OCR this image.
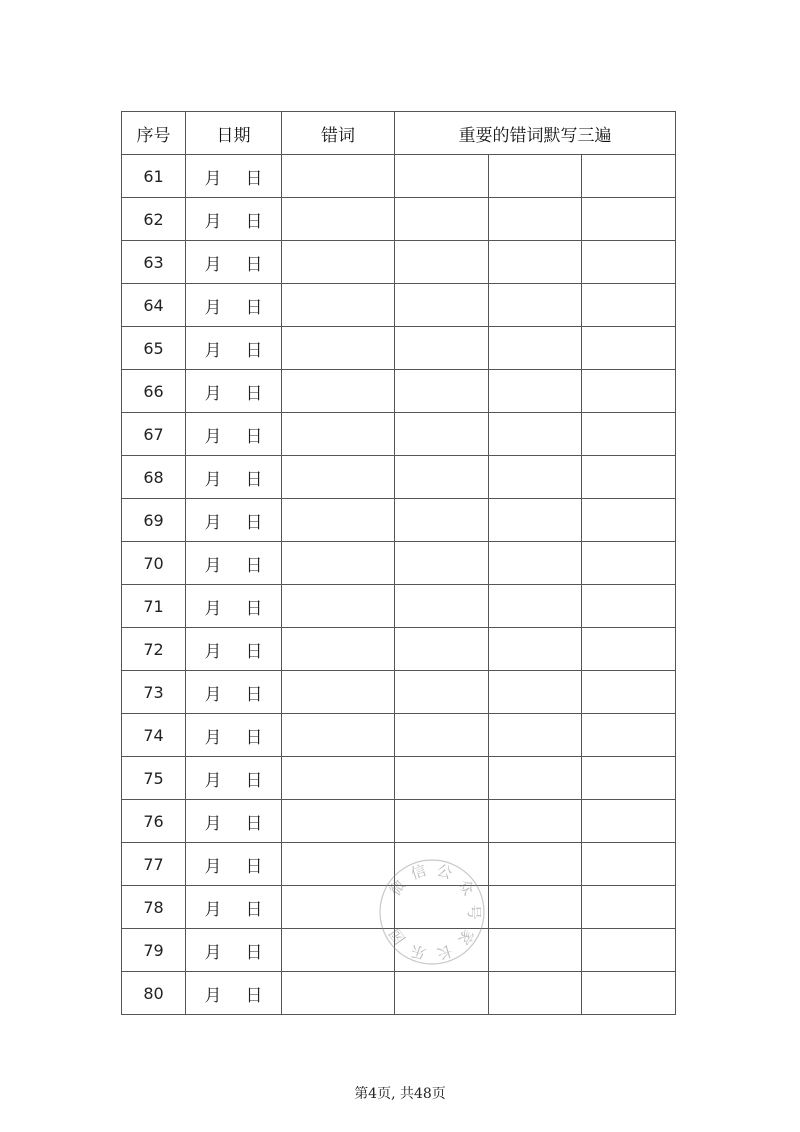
序号	日期	错词	重要的错词默写三遍		
61	月 日				
62	月 日				
63	月 日				
64	月 日				
65	月 日				
66	月 日				
67	月 日				
68	月 日				
69	月 日				
70	月 日				
71	月 日				
72	月 日				
73	月 日				
74	月 日				
75	月 日				
76	月 日				
77	月 日				
78	月 日				
79	月 日				
80	月 日				
微
信 公
众
号
家
长
乐
园
第4页, 共48页
